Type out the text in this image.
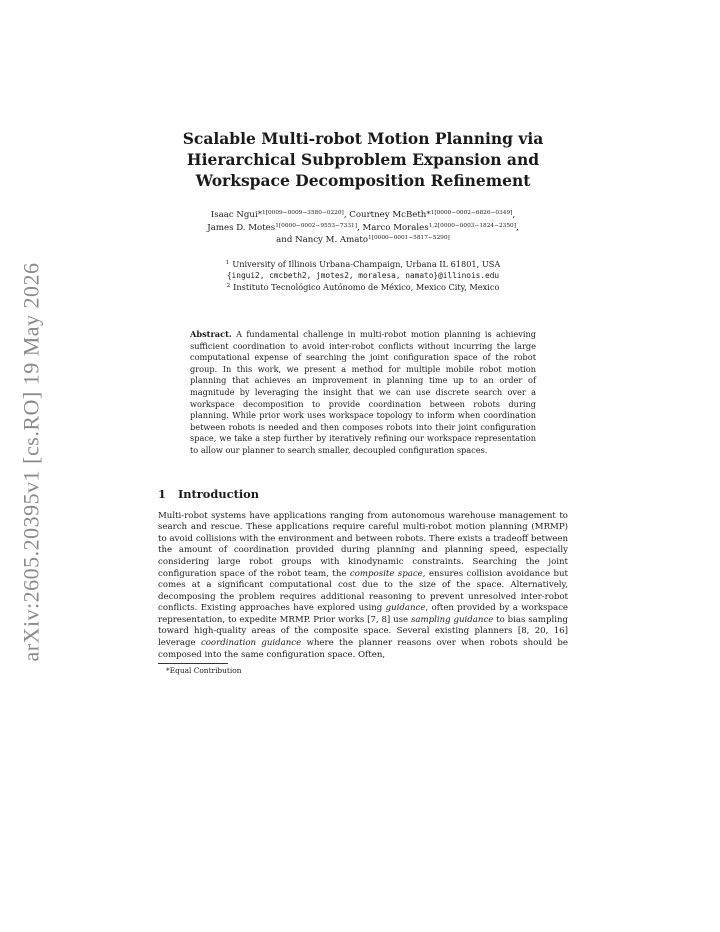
arXiv:2605.20395v1 [cs.RO] 19 May 2026
Scalable Multi-robot Motion Planning via
Hierarchical Subproblem Expansion and
Workspace Decomposition Refinement
Isaac Ngui*$^{1[0009-0009-3580-0220]}$, Courtney McBeth*$^{1[0000-0002-6826-0349]}$,
James D. Motes$^{1[0000-0002-9553-7331]}$, Marco Morales$^{1,2[0000-0003-1824-2350]}$,
and Nancy M. Amato$^{1[0000-0001-5817-5290]}$
$^1$ University of Illinois Urbana-Champaign, Urbana IL 61801, USA
{ingui2, cmcbeth2, jmotes2, moralesa, namato}@illinois.edu
$^2$ Instituto Tecnológico Autónomo de México, Mexico City, Mexico
Abstract. A fundamental challenge in multi-robot motion planning is achieving sufficient coordination to avoid inter-robot conflicts without incurring the large computational expense of searching the joint configuration space of the robot group. In this work, we present a method for multiple mobile robot motion planning that achieves an improvement in planning time up to an order of magnitude by leveraging the insight that we can use discrete search over a workspace decomposition to provide coordination between robots during planning. While prior work uses workspace topology to inform when coordination between robots is needed and then composes robots into their joint configuration space, we take a step further by iteratively refining our workspace representation to allow our planner to search smaller, decoupled configuration spaces.
1 Introduction
Multi-robot systems have applications ranging from autonomous warehouse management to search and rescue. These applications require careful multi-robot motion planning (MRMP) to avoid collisions with the environment and between robots. There exists a tradeoff between the amount of coordination provided during planning and planning speed, especially considering large robot groups with kinodynamic constraints. Searching the joint configuration space of the robot team, the composite space, ensures collision avoidance but comes at a significant computational cost due to the size of the space. Alternatively, decomposing the problem requires additional reasoning to prevent unresolved inter-robot conflicts. Existing approaches have explored using guidance, often provided by a workspace representation, to expedite MRMP. Prior works [7, 8] use sampling guidance to bias sampling toward high-quality areas of the composite space. Several existing planners [8, 20, 16] leverage coordination guidance where the planner reasons over when robots should be composed into the same configuration space. Often,
*Equal Contribution
